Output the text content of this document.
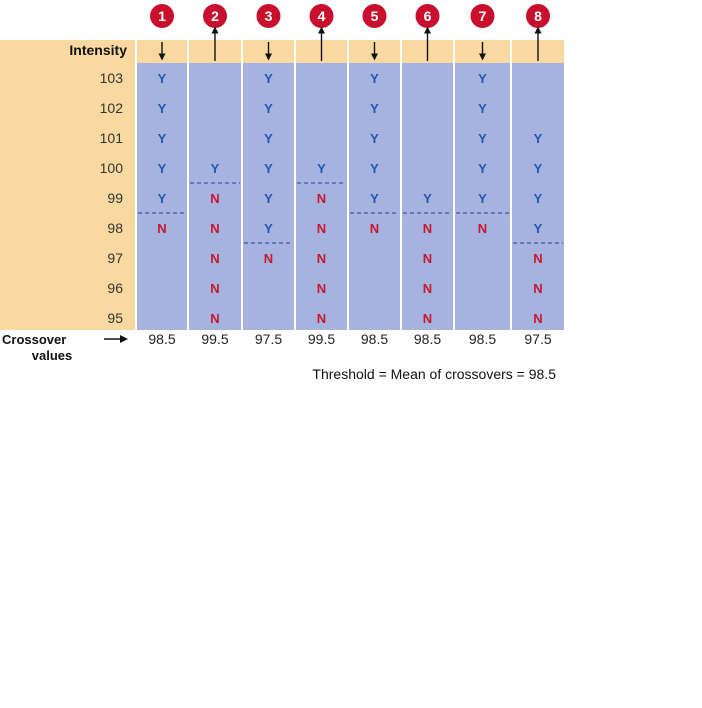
103
102
101
100
99
98
97
96
95
1
Y
Y
Y
Y
Y
N
98.5
2
Y
N
N
N
N
N
99.5
3
Y
Y
Y
Y
Y
Y
N
97.5
4
Y
N
N
N
N
N
99.5
5
Y
Y
Y
Y
Y
N
98.5
6
Y
N
N
N
N
98.5
7
Y
Y
Y
Y
Y
N
98.5
8
Y
Y
Y
Y
N
N
N
97.5
Intensity
Crossover
values
Threshold = Mean of crossovers = 98.5
